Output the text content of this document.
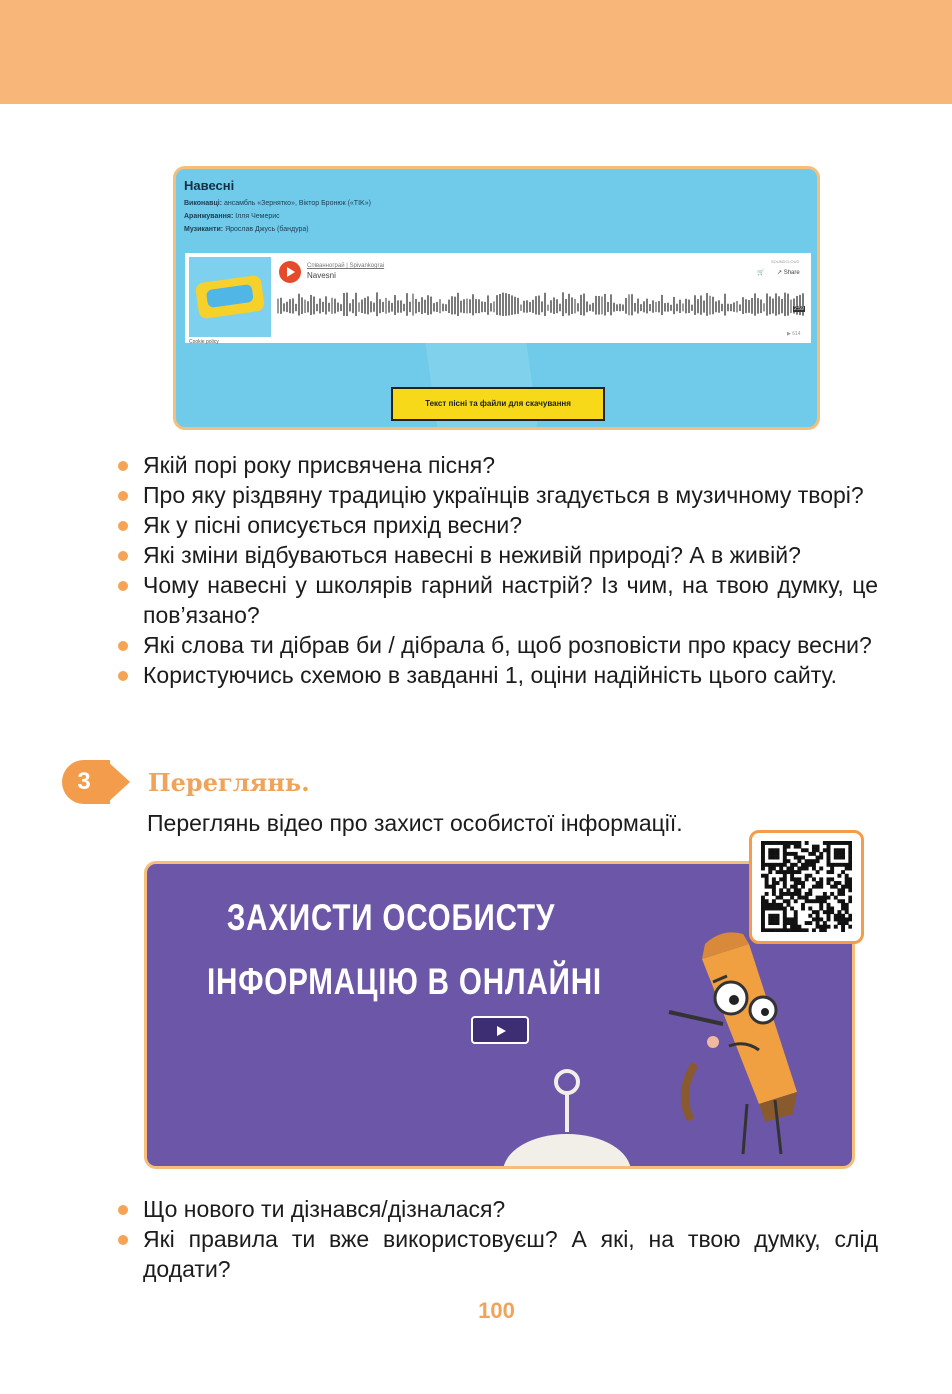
Навесні
Виконавці: ансамбль «Зернятко», Віктор Бронюк («TIK»)
Аранжування: Ілля Чемерис
Музиканти: Ярослав Джусь (бандура)
Cookie policy
Співаннограй | Spivankograi
Navesni
SOUNDCLOUD
🛒 ↗ Share
2:59
▶ 614
Текст пісні та файли для скачування
Якій порі року присвячена пісня?
Про яку різдвяну традицію українців згадується в музичному творі?
Як у пісні описується прихід весни?
Які зміни відбуваються навесні в неживій природі? А в живій?
Чому навесні у школярів гарний настрій? Із чим, на твою думку, це пов’язано?
Які слова ти дібрав би / дібрала б, щоб розповісти про красу весни?
Користуючись схемою в завданні 1, оціни надійність цього сайту.
3	Переглянь.
Переглянь відео про захист особистої інформації.
ЗАХИСТИ ОСОБИСТУ
ІНФОРМАЦІЮ В ОНЛАЙНІ
Що нового ти дізнався/дізналася?
Які правила ти вже використовуєш? А які, на твою думку, слід додати?
100
